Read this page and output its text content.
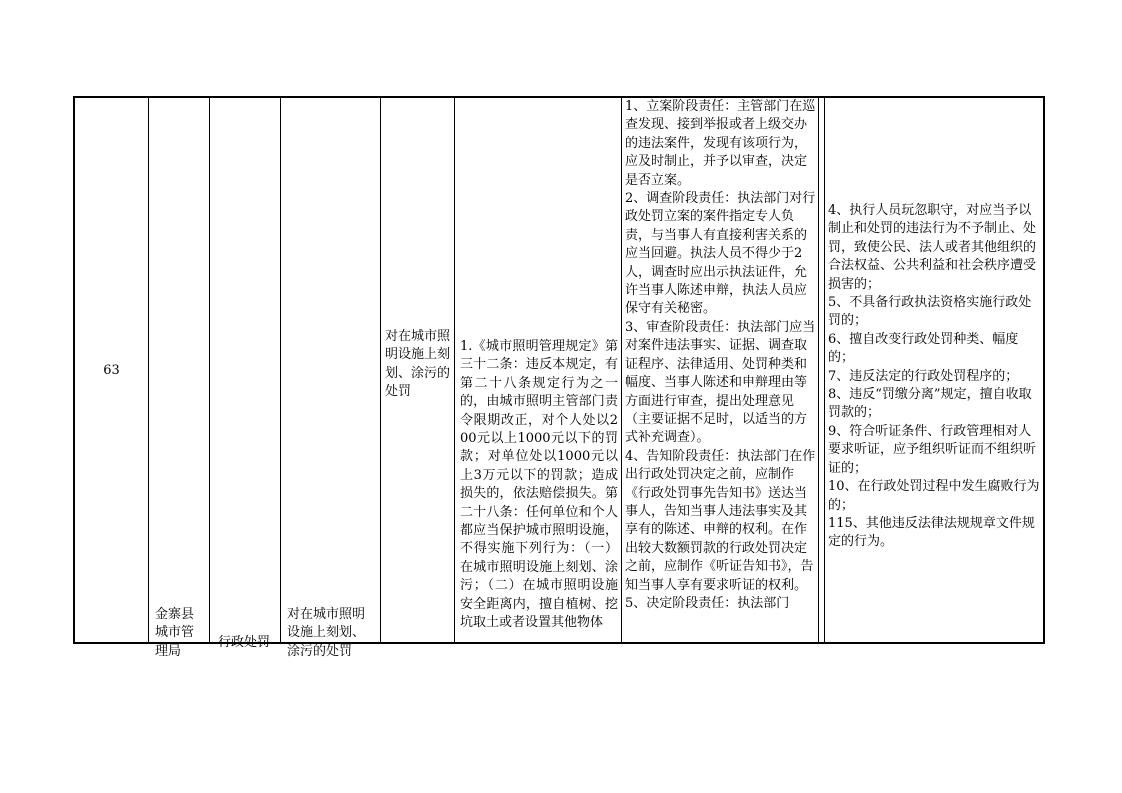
63
金寨县城市管理局
行政处罚
对在城市照明设施上刻划、涂污的处罚
对在城市照明设施上刻划、涂污的处罚
1.《城市照明管理规定》第三十二条：违反本规定，有第二十八条规定行为之一的，由城市照明主管部门责令限期改正，对个人处以200元以上1000元以下的罚款；对单位处以1000元以上3万元以下的罚款；造成损失的，依法赔偿损失。第二十八条：任何单位和个人都应当保护城市照明设施，不得实施下列行为：（一）在城市照明设施上刻划、涂污；（二）在城市照明设施安全距离内，擅自植树、挖坑取土或者设置其他物体
1、立案阶段责任：主管部门在巡查发现、接到举报或者上级交办的违法案件，发现有该项行为，应及时制止，并予以审查，决定是否立案。
2、调查阶段责任：执法部门对行政处罚立案的案件指定专人负责，与当事人有直接利害关系的应当回避。执法人员不得少于2人，调查时应出示执法证件，允许当事人陈述申辩，执法人员应保守有关秘密。
3、审查阶段责任：执法部门应当对案件违法事实、证据、调查取证程序、法律适用、处罚种类和幅度、当事人陈述和申辩理由等方面进行审查，提出处理意见（主要证据不足时，以适当的方式补充调查）。
4、告知阶段责任：执法部门在作出行政处罚决定之前，应制作《行政处罚事先告知书》送达当事人，告知当事人违法事实及其享有的陈述、申辩的权利。在作出较大数额罚款的行政处罚决定之前，应制作《听证告知书》，告知当事人享有要求听证的权利。
5、决定阶段责任：执法部门
4、执行人员玩忽职守，对应当予以制止和处罚的违法行为不予制止、处罚，致使公民、法人或者其他组织的合法权益、公共利益和社会秩序遭受损害的；
5、不具备行政执法资格实施行政处罚的；
6、擅自改变行政处罚种类、幅度的；
7、违反法定的行政处罚程序的；
8、违反“罚缴分离”规定，擅自收取罚款的；
9、符合听证条件、行政管理相对人要求听证，应予组织听证而不组织听证的；
10、在行政处罚过程中发生腐败行为的；
115、其他违反法律法规规章文件规定的行为。
